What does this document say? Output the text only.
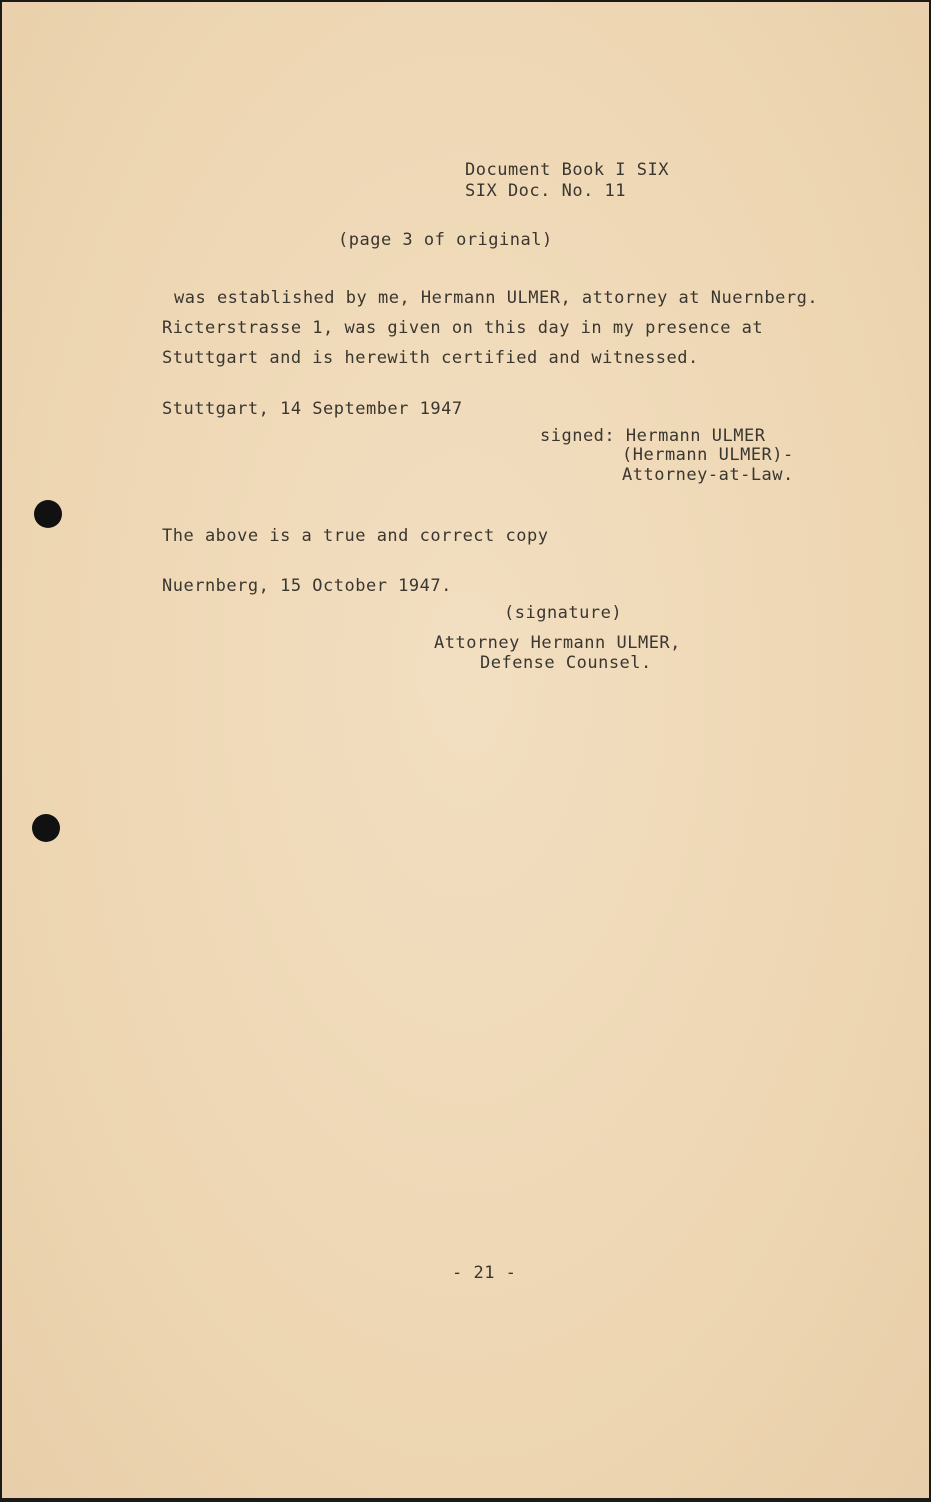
Document Book I SIX
SIX Doc. No. 11
(page 3 of original)
was established by me, Hermann ULMER, attorney at Nuernberg.
Ricterstrasse 1, was given on this day in my presence at
Stuttgart and is herewith certified and witnessed.
Stuttgart, 14 September 1947
signed: Hermann ULMER
(Hermann ULMER)-
Attorney-at-Law.
The above is a true and correct copy
Nuernberg, 15 October 1947.
(signature)
Attorney Hermann ULMER,
Defense Counsel.
- 21 -
